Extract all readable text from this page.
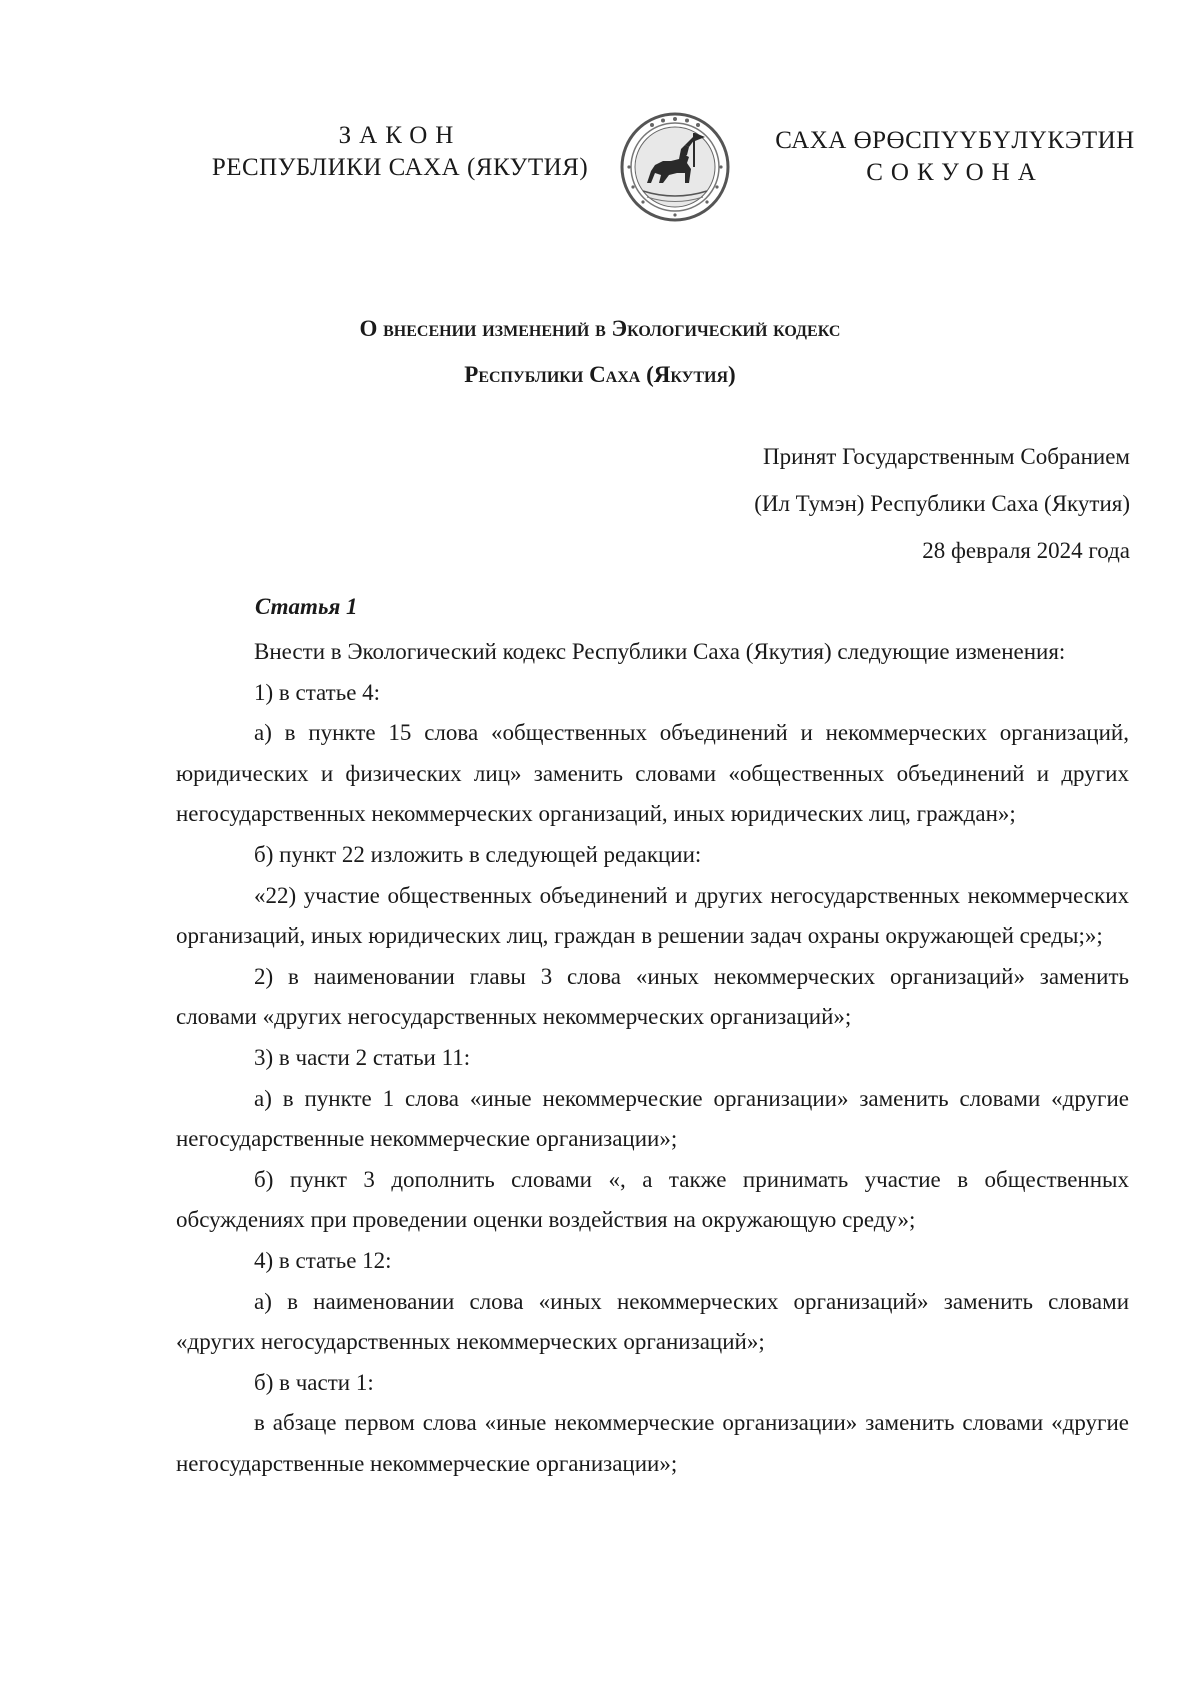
ЗАКОН
РЕСПУБЛИКИ САХА (ЯКУТИЯ)
САХА ӨРӨСПҮҮБҮЛҮКЭТИН
СОКУОНА
О внесении изменений в Экологический кодекс
Республики Саха (Якутия)
Принят Государственным Собранием
(Ил Тумэн) Республики Саха (Якутия)
28 февраля 2024 года
Статья 1

Внести в Экологический кодекс Республики Саха (Якутия) следующие изменения:

1) в статье 4:

а) в пункте 15 слова «общественных объединений и некоммерческих организаций, юридических и физических лиц» заменить словами «общественных объединений и других негосударственных некоммерческих организаций, иных юридических лиц, граждан»;

б) пункт 22 изложить в следующей редакции:

«22) участие общественных объединений и других негосударственных некоммерческих организаций, иных юридических лиц, граждан в решении задач охраны окружающей среды;»;

2) в наименовании главы 3 слова «иных некоммерческих организаций» заменить словами «других негосударственных некоммерческих организаций»;

3) в части 2 статьи 11:

а) в пункте 1 слова «иные некоммерческие организации» заменить словами «другие негосударственные некоммерческие организации»;

б) пункт 3 дополнить словами «, а также принимать участие в общественных обсуждениях при проведении оценки воздействия на окружающую среду»;

4) в статье 12:

а) в наименовании слова «иных некоммерческих организаций» заменить словами «других негосударственных некоммерческих организаций»;

б) в части 1:

в абзаце первом слова «иные некоммерческие организации» заменить словами «другие негосударственные некоммерческие организации»;
